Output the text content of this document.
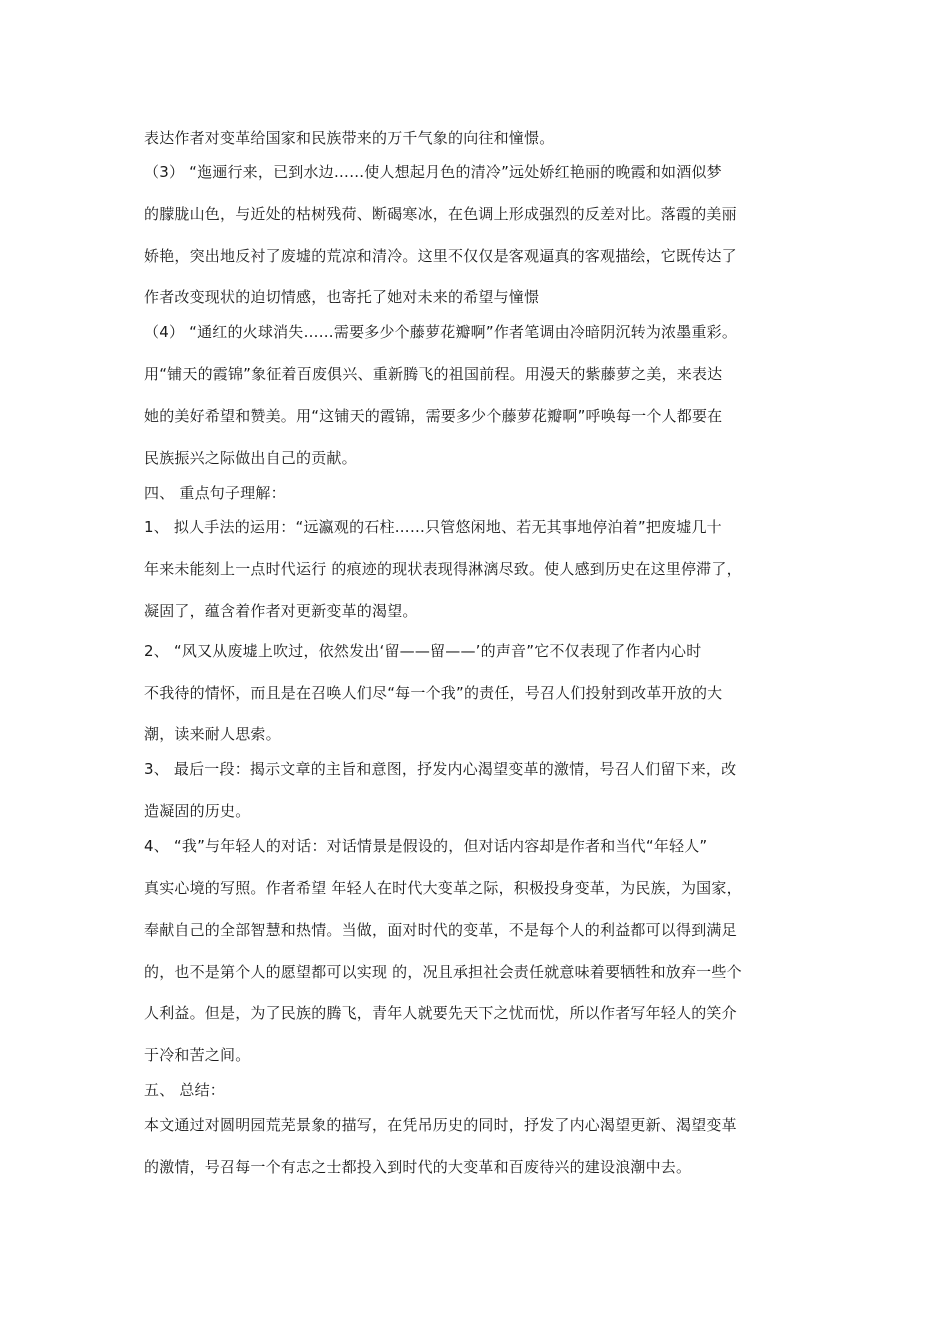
表达作者对变革给国家和民族带来的万千气象的向往和憧憬。
（3） “迤逦行来，已到水边……使人想起月色的清冷”远处娇红艳丽的晚霞和如酒似梦
的朦胧山色，与近处的枯树残荷、断碣寒冰，在色调上形成强烈的反差对比。落霞的美丽
娇艳，突出地反衬了废墟的荒凉和清冷。这里不仅仅是客观逼真的客观描绘，它既传达了
作者改变现状的迫切情感，也寄托了她对未来的希望与憧憬
（4） “通红的火球消失……需要多少个藤萝花瓣啊”作者笔调由冷暗阴沉转为浓墨重彩。
用“铺天的霞锦”象征着百废俱兴、重新腾飞的祖国前程。用漫天的紫藤萝之美，来表达
她的美好希望和赞美。用“这铺天的霞锦，需要多少个藤萝花瓣啊”呼唤每一个人都要在
民族振兴之际做出自己的贡献。
四、 重点句子理解：
1、 拟人手法的运用：“远瀛观的石柱……只管悠闲地、若无其事地停泊着”把废墟几十
年来未能刻上一点时代运行 的痕迹的现状表现得淋漓尽致。使人感到历史在这里停滞了，
凝固了，蕴含着作者对更新变革的渴望。
2、 “风又从废墟上吹过，依然发出‘留——留——’的声音”它不仅表现了作者内心时
不我待的情怀，而且是在召唤人们尽“每一个我”的责任，号召人们投射到改革开放的大
潮，读来耐人思索。
3、 最后一段：揭示文章的主旨和意图，抒发内心渴望变革的激情，号召人们留下来，改
造凝固的历史。
4、 “我”与年轻人的对话：对话情景是假设的，但对话内容却是作者和当代“年轻人”
真实心境的写照。作者希望 年轻人在时代大变革之际，积极投身变革，为民族，为国家，
奉献自己的全部智慧和热情。当做，面对时代的变革，不是每个人的利益都可以得到满足
的，也不是第个人的愿望都可以实现 的，况且承担社会责任就意味着要牺牲和放弃一些个
人利益。但是，为了民族的腾飞，青年人就要先天下之忧而忧，所以作者写年轻人的笑介
于冷和苦之间。
五、 总结：
本文通过对圆明园荒芜景象的描写，在凭吊历史的同时，抒发了内心渴望更新、渴望变革
的激情，号召每一个有志之士都投入到时代的大变革和百废待兴的建设浪潮中去。
